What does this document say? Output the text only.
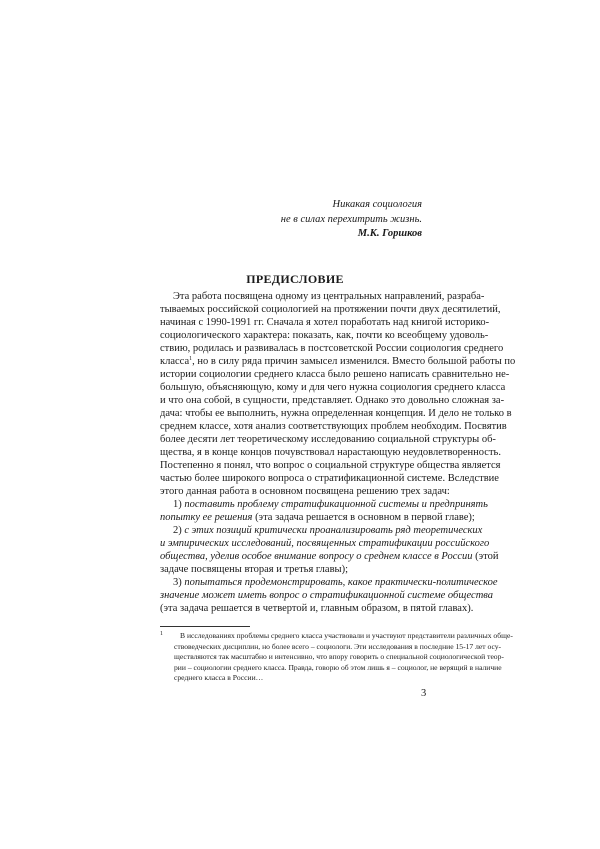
Никакая социология
не в силах перехитрить жизнь.
М.К. Горшков
ПРЕДИСЛОВИЕ
Эта работа посвящена одному из центральных направлений, разраба-
тываемых российской социологией на протяжении почти двух десятилетий,
начиная с 1990-1991 гг. Сначала я хотел поработать над книгой историко-
социологического характера: показать, как, почти ко всеобщему удоволь-
ствию, родилась и развивалась в постсоветской России социология среднего
класса$^1$, но в силу ряда причин замысел изменился. Вместо большой работы по
истории социологии среднего класса было решено написать сравнительно не-
большую, объясняющую, кому и для чего нужна социология среднего класса
и что она собой, в сущности, представляет. Однако это довольно сложная за-
дача: чтобы ее выполнить, нужна определенная концепция. И дело не только в
среднем классе, хотя анализ соответствующих проблем необходим. Посвятив
более десяти лет теоретическому исследованию социальной структуры об-
щества, я в конце концов почувствовал нарастающую неудовлетворенность.
Постепенно я понял, что вопрос о социальной структуре общества является
частью более широкого вопроса о стратификационной системе. Вследствие
этого данная работа в основном посвящена решению трех задач:
1) поставить проблему стратификационной системы и предпринять
попытку ее решения (эта задача решается в основном в первой главе);
2) с этих позиций критически проанализировать ряд теоретических
и эмпирических исследований, посвященных стратификации российского
общества, уделив особое внимание вопросу о среднем классе в России (этой
задаче посвящены вторая и третья главы);
3) попытаться продемонстрировать, какое практически-политическое
значение может иметь вопрос о стратификационной системе общества
(эта задача решается в четвертой и, главным образом, в пятой главах).
1 В исследованиях проблемы среднего класса участвовали и участвуют представители различных обще-
ствоведческих дисциплин, но более всего – социологи. Эти исследования в последние 15-17 лет осу-
ществляются так масштабно и интенсивно, что впору говорить о специальной социологической теор-
рии – социологии среднего класса. Правда, говорю об этом лишь я – социолог, не верящий в наличие
среднего класса в России…
3
